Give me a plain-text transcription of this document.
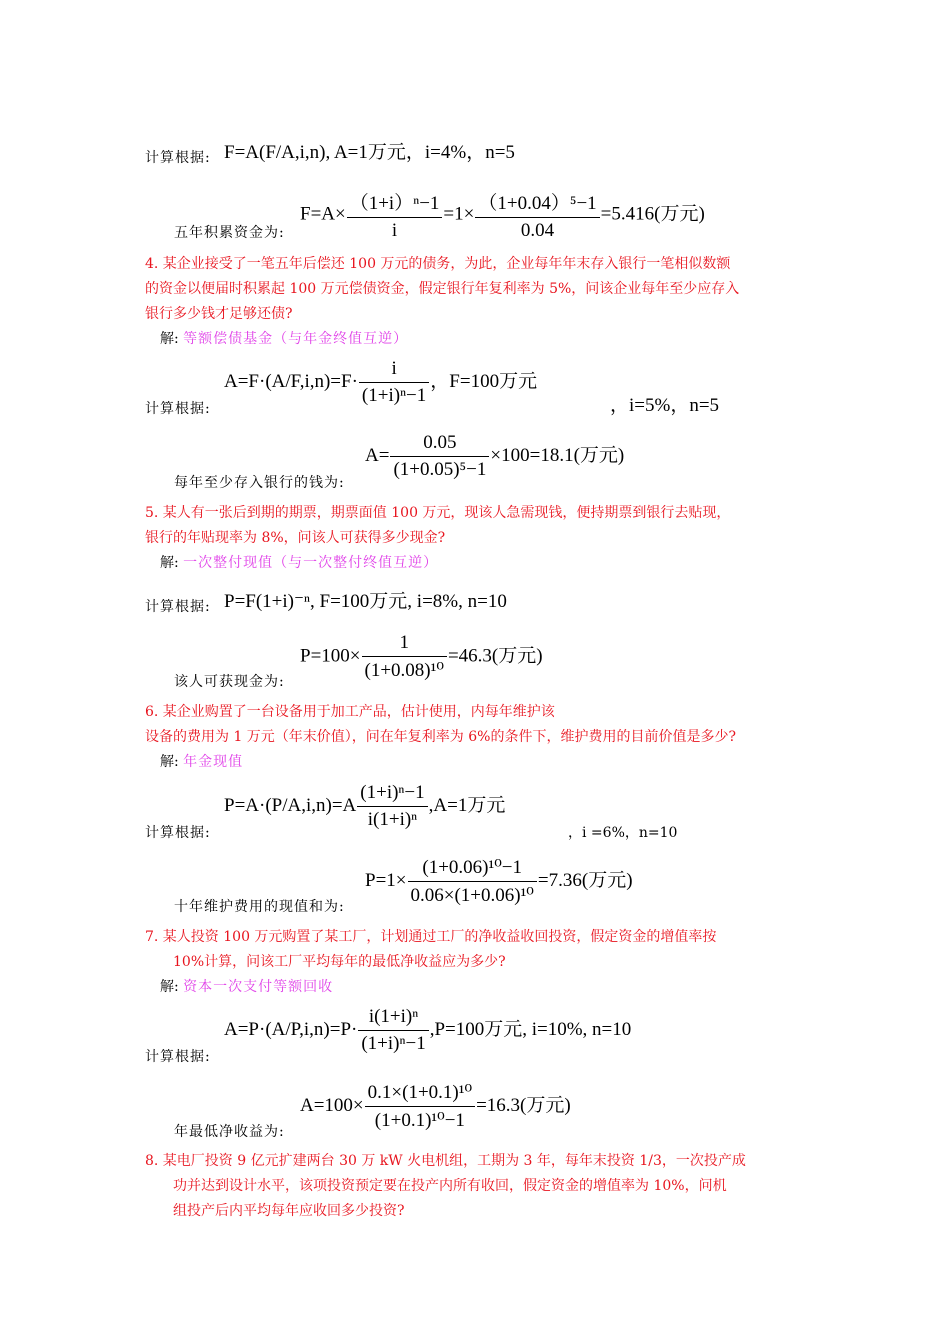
计算根据: F=A(F/A,i,n), A=1万元，i=4%，n=5
$F=A\times \frac{\text{（1+i）ⁿ−1}}{i} =1\times \frac{\text{（1+0.04）⁵−1}}{0.04} =5.416$(万元)
五年积累资金为:
4. 某企业接受了一笔五年后偿还 100 万元的债务，为此，企业每年年末存入银行一笔相似数额
的资金以便届时积累起 100 万元偿债资金，假定银行年复利率为 5%，问该企业每年至少应存入
银行多少钱才足够还债?
解: 等额偿债基金（与年金终值互逆）
$A=F\cdot(A/F,i,n)=F\cdot \frac{i}{\text{(1+i)ⁿ−1}}$ ，F=100万元
计算根据:	，i=5%，n=5
$A= \frac{0.05}{\text{(1+0.05)⁵−1}} \times 100=18.1$(万元)
每年至少存入银行的钱为:
5. 某人有一张后到期的期票，期票面值 100 万元，现该人急需现钱，便持期票到银行去贴现，
银行的年贴现率为 8%，问该人可获得多少现金?
解: 一次整付现值（与一次整付终值互逆）
计算根据: P=F(1+i)⁻ⁿ, F=100万元, i=8%, n=10
$P=100\times \frac{1}{\text{(1+0.08)¹⁰}} =46.3$(万元)
该人可获现金为:
6. 某企业购置了一台设备用于加工产品，估计使用，内每年维护该
设备的费用为 1 万元（年末价值），问在年复利率为 6%的条件下，维护费用的目前价值是多少?
解: 年金现值
$P=A\cdot(P/A,i,n)=A \frac{\text{(1+i)ⁿ−1}}{\text{i(1+i)ⁿ}} ,A=1$万元
计算根据:	，i =6%，n=10
$P=1\times \frac{\text{(1+0.06)¹⁰−1}}{\text{0.06×(1+0.06)¹⁰}} =7.36$(万元)
十年维护费用的现值和为:
7. 某人投资 100 万元购置了某工厂，计划通过工厂的净收益收回投资，假定资金的增值率按
10%计算，问该工厂平均每年的最低净收益应为多少?
解: 资本一次支付等额回收
$A=P\cdot(A/P,i,n)=P\cdot \frac{\text{i(1+i)ⁿ}}{\text{(1+i)ⁿ−1}} ,P=100$万元, i=10%, n=10
计算根据:
$A=100\times \frac{\text{0.1×(1+0.1)¹⁰}}{\text{(1+0.1)¹⁰−1}} =16.3$(万元)
年最低净收益为:
8. 某电厂投资 9 亿元扩建两台 30 万 kW 火电机组，工期为 3 年，每年末投资 1/3，一次投产成
功并达到设计水平，该项投资预定要在投产内所有收回，假定资金的增值率为 10%，问机
组投产后内平均每年应收回多少投资?
